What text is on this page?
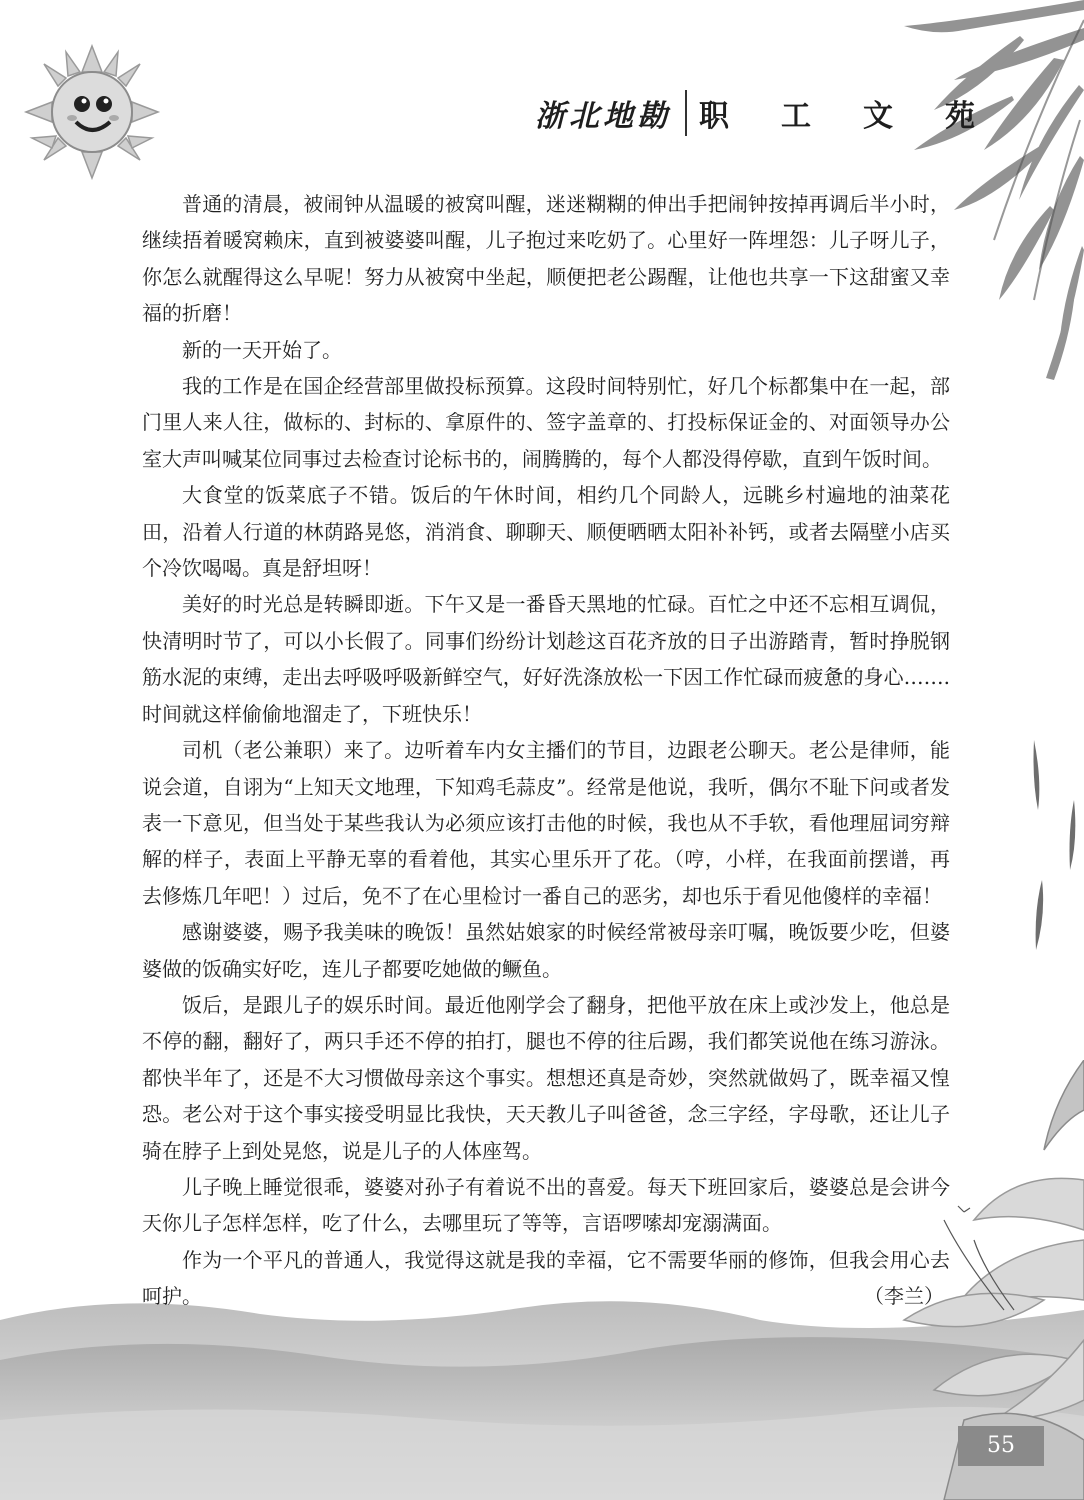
浙北地勘 职工文苑

普通的清晨，被闹钟从温暖的被窝叫醒，迷迷糊糊的伸出手把闹钟按掉再调后半小时，继续捂着暖窝赖床，直到被婆婆叫醒，儿子抱过来吃奶了。心里好一阵埋怨：儿子呀儿子，你怎么就醒得这么早呢！努力从被窝中坐起，顺便把老公踢醒，让他也共享一下这甜蜜又幸福的折磨！

新的一天开始了。

我的工作是在国企经营部里做投标预算。这段时间特别忙，好几个标都集中在一起，部门里人来人往，做标的、封标的、拿原件的、签字盖章的、打投标保证金的、对面领导办公室大声叫喊某位同事过去检查讨论标书的，闹腾腾的，每个人都没得停歇，直到午饭时间。

大食堂的饭菜底子不错。饭后的午休时间，相约几个同龄人，远眺乡村遍地的油菜花田，沿着人行道的林荫路晃悠，消消食、聊聊天、顺便晒晒太阳补补钙，或者去隔壁小店买个冷饮喝喝。真是舒坦呀！

美好的时光总是转瞬即逝。下午又是一番昏天黑地的忙碌。百忙之中还不忘相互调侃，快清明时节了，可以小长假了。同事们纷纷计划趁这百花齐放的日子出游踏青，暂时挣脱钢筋水泥的束缚，走出去呼吸呼吸新鲜空气，好好洗涤放松一下因工作忙碌而疲惫的身心…….时间就这样偷偷地溜走了，下班快乐！

司机（老公兼职）来了。边听着车内女主播们的节目，边跟老公聊天。老公是律师，能说会道，自诩为“上知天文地理，下知鸡毛蒜皮”。经常是他说，我听，偶尔不耻下问或者发表一下意见，但当处于某些我认为必须应该打击他的时候，我也从不手软，看他理屈词穷辩解的样子，表面上平静无辜的看着他，其实心里乐开了花。（哼，小样，在我面前摆谱，再去修炼几年吧！）过后，免不了在心里检讨一番自己的恶劣，却也乐于看见他傻样的幸福！

感谢婆婆，赐予我美味的晚饭！虽然姑娘家的时候经常被母亲叮嘱，晚饭要少吃，但婆婆做的饭确实好吃，连儿子都要吃她做的鳜鱼。

饭后，是跟儿子的娱乐时间。最近他刚学会了翻身，把他平放在床上或沙发上，他总是不停的翻，翻好了，两只手还不停的拍打，腿也不停的往后踢，我们都笑说他在练习游泳。都快半年了，还是不大习惯做母亲这个事实。想想还真是奇妙，突然就做妈了，既幸福又惶恐。老公对于这个事实接受明显比我快，天天教儿子叫爸爸，念三字经，字母歌，还让儿子骑在脖子上到处晃悠，说是儿子的人体座驾。

儿子晚上睡觉很乖，婆婆对孙子有着说不出的喜爱。每天下班回家后，婆婆总是会讲今天你儿子怎样怎样，吃了什么，去哪里玩了等等，言语啰嗦却宠溺满面。

作为一个平凡的普通人，我觉得这就是我的幸福，它不需要华丽的修饰，但我会用心去呵护。	（李兰）
55
